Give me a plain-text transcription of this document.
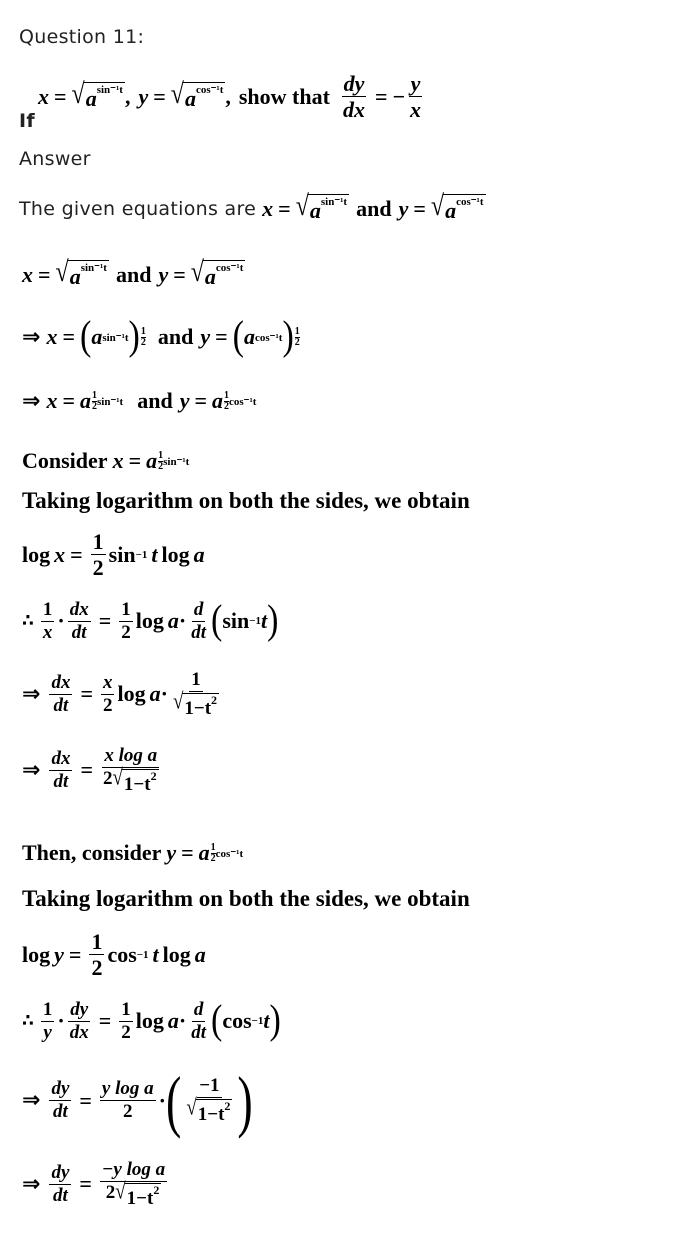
Question 11:
x = √ $a^{sin^{-1}t}$ , y = √ $a^{cos^{-1}t}$ , show that $\frac{dy}{dx}$ = − $\frac{y}{x}$
If
Answer
The given equations are x = √ $a^{sin^{-1}t}$ and y = √ $a^{cos^{-1}t}$
x = √ $a^{sin^{-1}t}$ and y = √ $a^{cos^{-1}t}$
⇒ x = ( a sin⁻¹t ) 1
2 and y = ( a cos⁻¹t ) 1
2
⇒ x = a 1
2 sin⁻¹t and y = a 1
2 cos⁻¹t
Consider x = a 1
2 sin⁻¹t
Taking logarithm on both the sides, we obtain
$\log x = \frac{1}{2}$ sin −1 t log a
∴ $\frac{1}{x} \cdot \frac{dx}{dt} = \frac{1}{2}$ $\log a \cdot \frac{d}{dt}$ ( sin −1 t )
⇒ $\frac{dx}{dt} = \frac{x}{2}$ $\log a \cdot \frac{1}{√ 1-t^2}$
⇒ $\frac{dx}{dt} = \frac{\text{x log a}}{2 √ 1-t^2}$
Then, consider y = a 1
2 cos⁻¹t
Taking logarithm on both the sides, we obtain
$\log y = \frac{1}{2}$ cos −1 t log a
∴ $\frac{1}{y} \cdot \frac{dy}{dx} = \frac{1}{2}$ $\log a \cdot \frac{d}{dt}$ ( cos −1 t )
⇒ $\frac{dy}{dt} = \frac{\text{y log a}}{2}$ · ( $\frac{-1}{√ 1-t^2}$ )
⇒ $\frac{dy}{dt} = \frac{\text{−y log a}}{2 √ 1-t^2}$
